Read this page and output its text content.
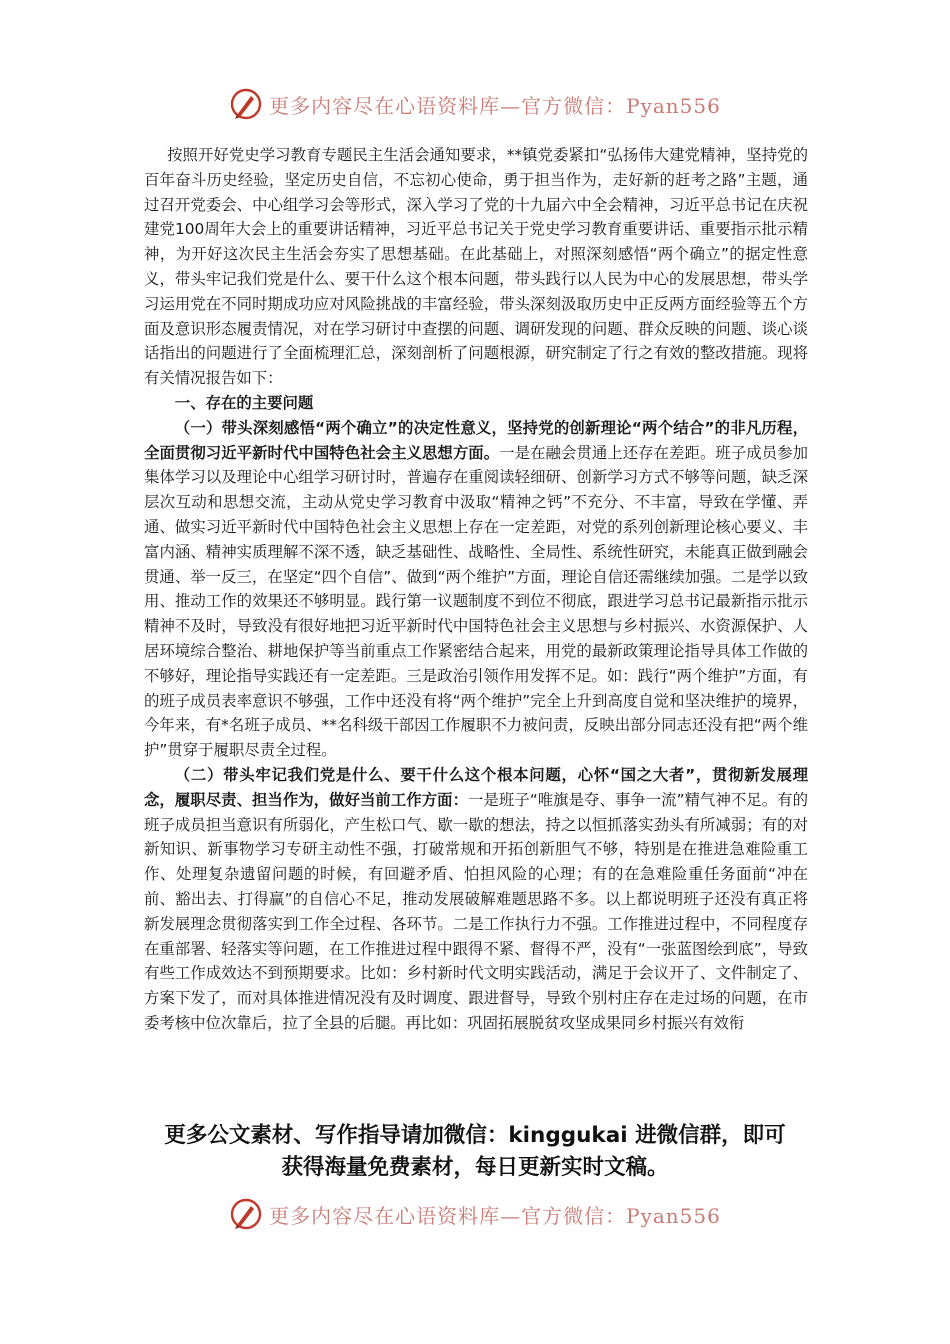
更多内容尽在心语资料库—官方微信：Pyan556

按照开好党史学习教育专题民主生活会通知要求，**镇党委紧扣“弘扬伟大建党精神，坚持党的百年奋斗历史经验，坚定历史自信，不忘初心使命，勇于担当作为，走好新的赶考之路”主题，通过召开党委会、中心组学习会等形式，深入学习了党的十九届六中全会精神，习近平总书记在庆祝建党100周年大会上的重要讲话精神，习近平总书记关于党史学习教育重要讲话、重要指示批示精神，为开好这次民主生活会夯实了思想基础。在此基础上，对照深刻感悟“两个确立”的据定性意义，带头牢记我们党是什么、要干什么这个根本问题，带头践行以人民为中心的发展思想，带头学习运用党在不同时期成功应对风险挑战的丰富经验，带头深刻汲取历史中正反两方面经验等五个方面及意识形态履责情况，对在学习研讨中查摆的问题、调研发现的问题、群众反映的问题、谈心谈话指出的问题进行了全面梳理汇总，深刻剖析了问题根源，研究制定了行之有效的整改措施。现将有关情况报告如下：

一、存在的主要问题

（一）带头深刻感悟“两个确立”的决定性意义，坚持党的创新理论“两个结合”的非凡历程，全面贯彻习近平新时代中国特色社会主义思想方面。一是在融会贯通上还存在差距。班子成员参加集体学习以及理论中心组学习研讨时，普遍存在重阅读轻细研、创新学习方式不够等问题，缺乏深层次互动和思想交流，主动从党史学习教育中汲取“精神之钙”不充分、不丰富，导致在学懂、弄通、做实习近平新时代中国特色社会主义思想上存在一定差距，对党的系列创新理论核心要义、丰富内涵、精神实质理解不深不透，缺乏基础性、战略性、全局性、系统性研究，未能真正做到融会贯通、举一反三，在坚定“四个自信”、做到“两个维护”方面，理论自信还需继续加强。二是学以致用、推动工作的效果还不够明显。践行第一议题制度不到位不彻底，跟进学习总书记最新指示批示精神不及时，导致没有很好地把习近平新时代中国特色社会主义思想与乡村振兴、水资源保护、人居环境综合整治、耕地保护等当前重点工作紧密结合起来，用党的最新政策理论指导具体工作做的不够好，理论指导实践还有一定差距。三是政治引领作用发挥不足。如：践行“两个维护”方面，有的班子成员表率意识不够强，工作中还没有将“两个维护”完全上升到高度自觉和坚决维护的境界，今年来，有*名班子成员、**名科级干部因工作履职不力被问责，反映出部分同志还没有把“两个维护”贯穿于履职尽责全过程。

（二）带头牢记我们党是什么、要干什么这个根本问题，心怀“国之大者”，贯彻新发展理念，履职尽责、担当作为，做好当前工作方面：一是班子“唯旗是夺、事争一流”精气神不足。有的班子成员担当意识有所弱化，产生松口气、歇一歇的想法，持之以恒抓落实劲头有所减弱；有的对新知识、新事物学习专研主动性不强，打破常规和开拓创新胆气不够，特别是在推进急难险重工作、处理复杂遗留问题的时候，有回避矛盾、怕担风险的心理；有的在急难险重任务面前“冲在前、豁出去、打得赢”的自信心不足，推动发展破解难题思路不多。以上都说明班子还没有真正将新发展理念贯彻落实到工作全过程、各环节。二是工作执行力不强。工作推进过程中，不同程度存在重部署、轻落实等问题，在工作推进过程中跟得不紧、督得不严，没有“一张蓝图绘到底”，导致有些工作成效达不到预期要求。比如：乡村新时代文明实践活动，满足于会议开了、文件制定了、方案下发了，而对具体推进情况没有及时调度、跟进督导，导致个别村庄存在走过场的问题，在市委考核中位次靠后，拉了全县的后腿。再比如：巩固拓展脱贫攻坚成果同乡村振兴有效衔

更多公文素材、写作指导请加微信：kinggukai 进微信群，即可
获得海量免费素材，每日更新实时文稿。
更多内容尽在心语资料库—官方微信：Pyan556
